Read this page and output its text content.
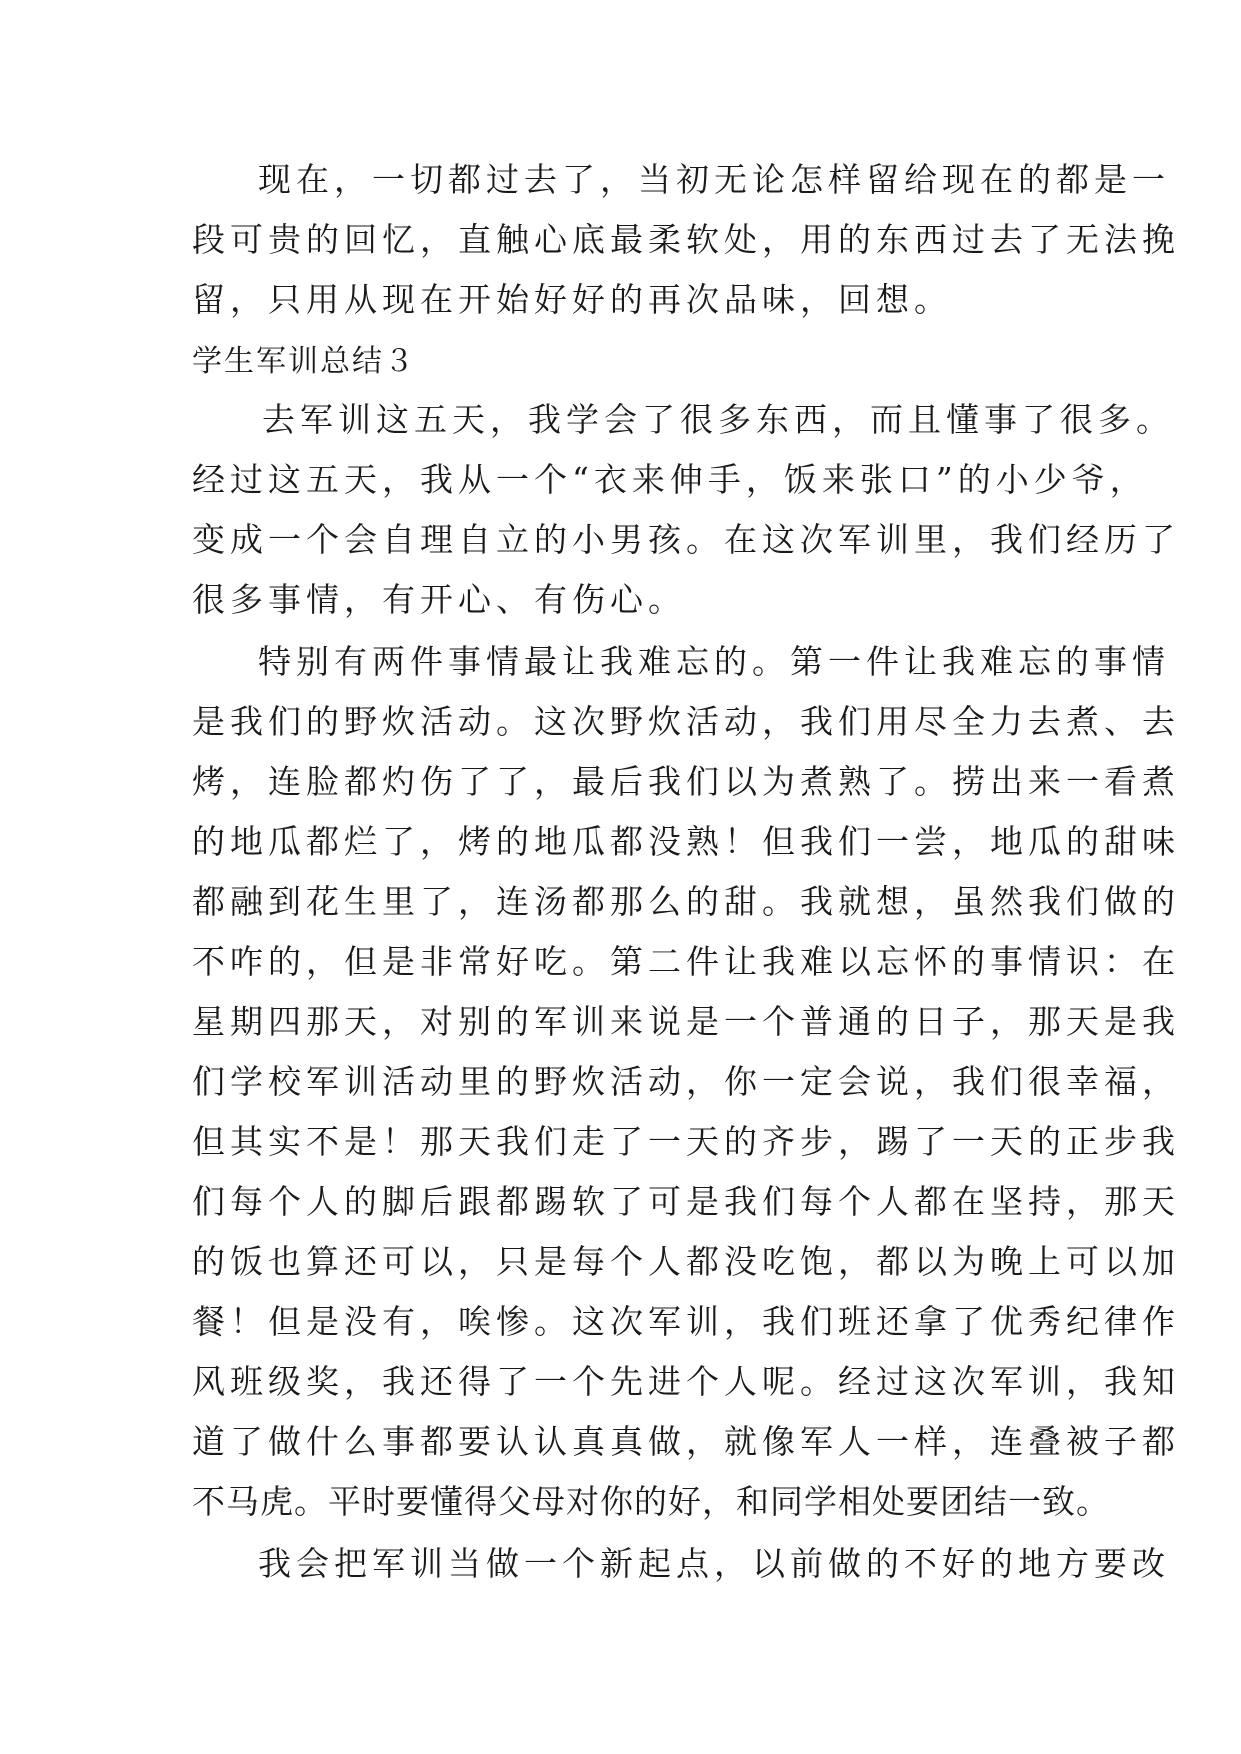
现在，一切都过去了，当初无论怎样留给现在的都是一
段可贵的回忆，直触心底最柔软处，用的东西过去了无法挽
留，只用从现在开始好好的再次品味，回想。
学生军训总结３
去军训这五天，我学会了很多东西，而且懂事了很多。
经过这五天，我从一个“衣来伸手，饭来张口”的小少爷，
变成一个会自理自立的小男孩。在这次军训里，我们经历了
很多事情，有开心、有伤心。
特别有两件事情最让我难忘的。第一件让我难忘的事情
是我们的野炊活动。这次野炊活动，我们用尽全力去煮、去
烤，连脸都灼伤了了，最后我们以为煮熟了。捞出来一看煮
的地瓜都烂了，烤的地瓜都没熟！但我们一尝，地瓜的甜味
都融到花生里了，连汤都那么的甜。我就想，虽然我们做的
不咋的，但是非常好吃。第二件让我难以忘怀的事情识：在
星期四那天，对别的军训来说是一个普通的日子，那天是我
们学校军训活动里的野炊活动，你一定会说，我们很幸福，
但其实不是！那天我们走了一天的齐步，踢了一天的正步我
们每个人的脚后跟都踢软了可是我们每个人都在坚持，那天
的饭也算还可以，只是每个人都没吃饱，都以为晚上可以加
餐！但是没有，唉惨。这次军训，我们班还拿了优秀纪律作
风班级奖，我还得了一个先进个人呢。经过这次军训，我知
道了做什么事都要认认真真做，就像军人一样，连叠被子都
不马虎。平时要懂得父母对你的好，和同学相处要团结一致。
我会把军训当做一个新起点，以前做的不好的地方要改
